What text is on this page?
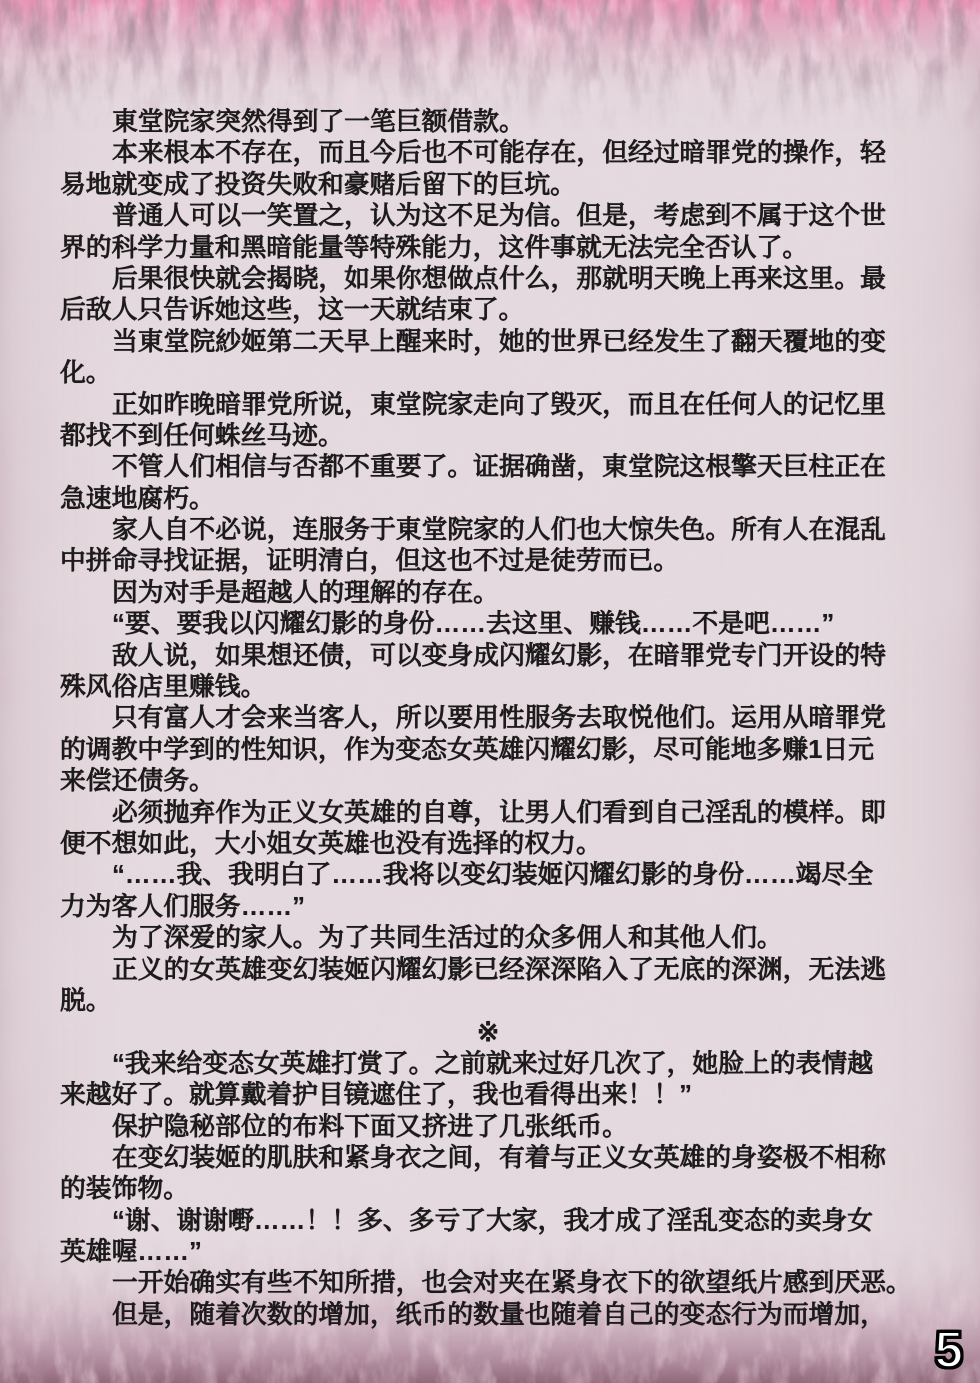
東堂院家突然得到了一笔巨额借款。
本来根本不存在，而且今后也不可能存在，但经过暗罪党的操作，轻
易地就变成了投资失败和豪赌后留下的巨坑。
普通人可以一笑置之，认为这不足为信。但是，考虑到不属于这个世
界的科学力量和黑暗能量等特殊能力，这件事就无法完全否认了。
后果很快就会揭晓，如果你想做点什么，那就明天晚上再来这里。最
后敌人只告诉她这些，这一天就结束了。
当東堂院紗姬第二天早上醒来时，她的世界已经发生了翻天覆地的变
化。
正如昨晚暗罪党所说，東堂院家走向了毁灭，而且在任何人的记忆里
都找不到任何蛛丝马迹。
不管人们相信与否都不重要了。证据确凿，東堂院这根擎天巨柱正在
急速地腐朽。
家人自不必说，连服务于東堂院家的人们也大惊失色。所有人在混乱
中拼命寻找证据，证明清白，但这也不过是徒劳而已。
因为对手是超越人的理解的存在。
“要、要我以闪耀幻影的身份……去这里、赚钱……不是吧……”
敌人说，如果想还债，可以变身成闪耀幻影，在暗罪党专门开设的特
殊风俗店里赚钱。
只有富人才会来当客人，所以要用性服务去取悦他们。运用从暗罪党
的调教中学到的性知识，作为变态女英雄闪耀幻影，尽可能地多赚1日元
来偿还债务。
必须抛弃作为正义女英雄的自尊，让男人们看到自己淫乱的模样。即
便不想如此，大小姐女英雄也没有选择的权力。
“……我、我明白了……我将以变幻装姬闪耀幻影的身份……竭尽全
力为客人们服务……”
为了深爱的家人。为了共同生活过的众多佣人和其他人们。
正义的女英雄变幻装姬闪耀幻影已经深深陷入了无底的深渊，无法逃
脱。
※
“我来给变态女英雄打赏了。之前就来过好几次了，她脸上的表情越
来越好了。就算戴着护目镜遮住了，我也看得出来！！”
保护隐秘部位的布料下面又挤进了几张纸币。
在变幻装姬的肌肤和紧身衣之间，有着与正义女英雄的身姿极不相称
的装饰物。
“谢、谢谢嘢……！！多、多亏了大家，我才成了淫乱变态的卖身女
英雄喔……”
一开始确实有些不知所措，也会对夹在紧身衣下的欲望纸片感到厌恶。
但是，随着次数的增加，纸币的数量也随着自己的变态行为而增加，
5
